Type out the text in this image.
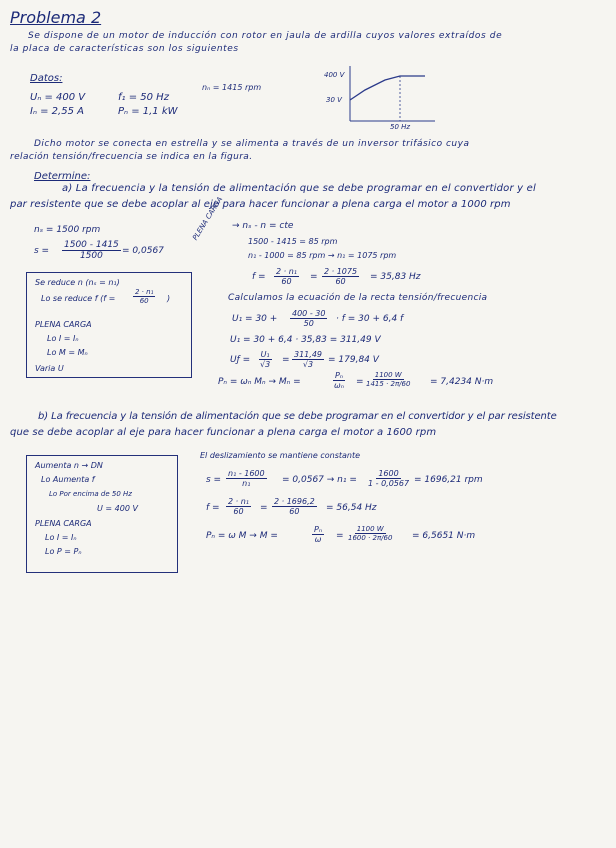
Problema 2
Se dispone de un motor de inducción con rotor en jaula de ardilla cuyos valores extraídos de
la placa de características son los siguientes
Datos:
Uₙ = 400 V
Iₙ = 2,55 A
f₁ = 50 Hz
Pₙ = 1,1 kW
nₙ = 1415 rpm
400 V
30 V
50 Hz
Dicho motor se conecta en estrella y se alimenta a través de un inversor trifásico cuya
relación tensión/frecuencia se indica en la figura.
Determine:
a) La frecuencia y la tensión de alimentación que se debe programar en el convertidor y el
par resistente que se debe acoplar al eje para hacer funcionar a plena carga el motor a 1000 rpm
nₛ = 1500 rpm
$s = \frac{1500 - 1415}{1500} = 0,0567$
Se reduce n (nₛ = n₁)
Lo se reduce f (f =	$\frac{\text{2 · n₁}}{60}$ )
PLENA CARGA
Lo I = Iₙ
Lo M = Mₙ
Varia U
PLENA CARGA → nₛ - n = cte
1500 - 1415 = 85 rpm
n₁ - 1000 = 85 rpm → n₁ = 1075 rpm
$f = \frac{\text{2 · n₁}}{60} = \frac{2 \cdot 1075}{60} = 35,83$ Hz
Calculamos la ecuación de la recta tensión/frecuencia
$U_1 = 30 + \frac{400 - 30}{50} \cdot f = 30 + 6,4$ f
U₁ = 30 + 6,4 · 35,83 = 311,49 V
Uƒ = $\frac{\text{U₁}}{√3} = \frac{311,49}{√3} = 179,84$ V
Pₙ = ωₙ Mₙ → Mₙ =	$\frac{\text{Pₙ}}{\text{ωₙ}} = \frac{1100 W}{1415 \cdot 2\pi/60} = 7,4234$ N·m
b) La frecuencia y la tensión de alimentación que se debe programar en el convertidor y el par resistente
que se debe acoplar al eje para hacer funcionar a plena carga el motor a 1600 rpm
Aumenta n → DN
Lo Aumenta f
Lo Por encima de 50 Hz
U = 400 V
PLENA CARGA
Lo I = Iₙ
Lo P = Pₙ
El deslizamiento se mantiene constante
$s = \frac{\text{n₁ - 1600}}{\text{n₁}} = 0,0567 \to n_1 = \frac{1600}{1 - 0,0567} = 1696,21$ rpm
$f = \frac{\text{2 · n₁}}{60} = \frac{2 \cdot 1696,2}{60} = 56,54$ Hz
Pₙ = ω M → M =	$\frac{\text{Pₙ}}{\omega} = \frac{1100 W}{1600 \cdot 2\pi/60} = 6,5651$ N·m
